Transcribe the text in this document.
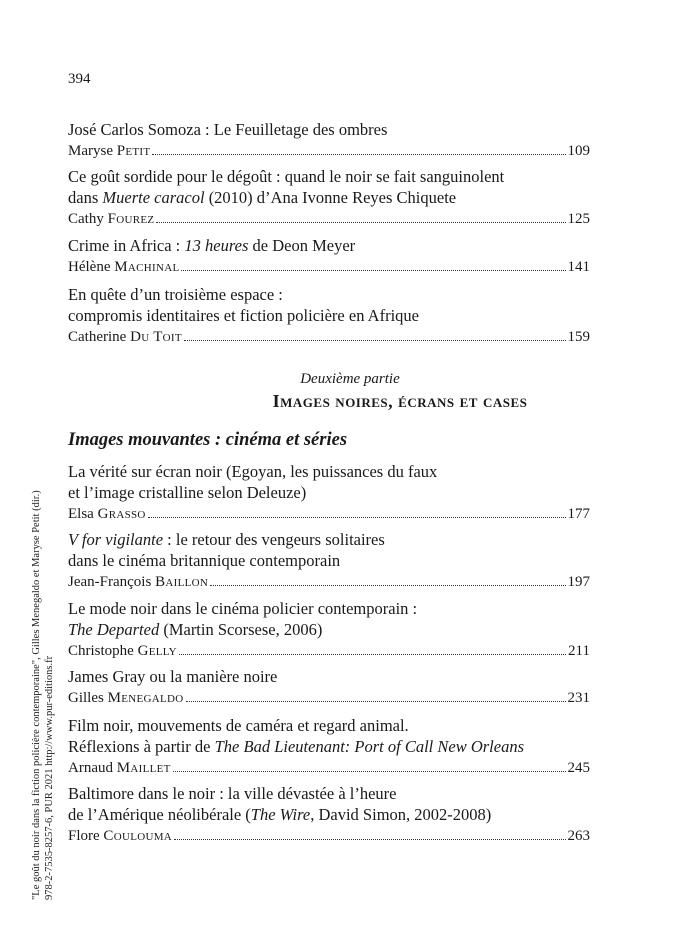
394
José Carlos Somoza : Le Feuilletage des ombres
Maryse Petit	109
Ce goût sordide pour le dégoût : quand le noir se fait sanguinolent
dans Muerte caracol (2010) d’Ana Ivonne Reyes Chiquete
Cathy Fourez	125
Crime in Africa : 13 heures de Deon Meyer
Hélène Machinal	141
En quête d’un troisième espace :
compromis identitaires et fiction policière en Afrique
Catherine Du Toit	159
Deuxième partie
Images noires, écrans et cases
Images mouvantes : cinéma et séries
La vérité sur écran noir (Egoyan, les puissances du faux
et l’image cristalline selon Deleuze)
Elsa Grasso	177
V for vigilante : le retour des vengeurs solitaires
dans le cinéma britannique contemporain
Jean-François Baillon	197
Le mode noir dans le cinéma policier contemporain :
The Departed (Martin Scorsese, 2006)
Christophe Gelly	211
James Gray ou la manière noire
Gilles Menegaldo	231
Film noir, mouvements de caméra et regard animal.
Réflexions à partir de The Bad Lieutenant: Port of Call New Orleans
Arnaud Maillet	245
Baltimore dans le noir : la ville dévastée à l’heure
de l’Amérique néolibérale (The Wire, David Simon, 2002-2008)
Flore Coulouma	263
"Le goût du noir dans la fiction policière contemporaine", Gilles Menegaldo et Maryse Petit (dir.) 978-2-7535-8257-6, PUR 2021 http://www.pur-editions.fr
